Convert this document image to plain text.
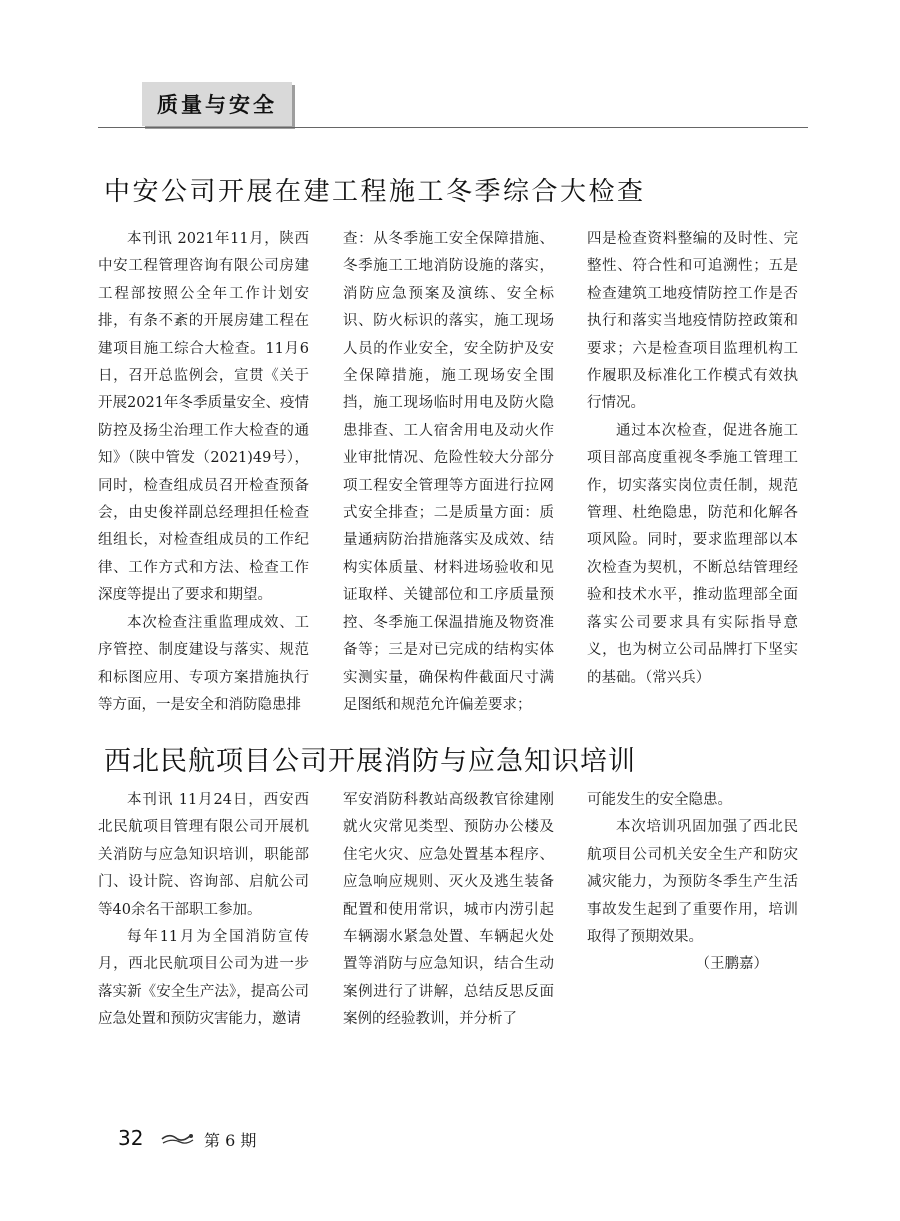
质量与安全
中安公司开展在建工程施工冬季综合大检查

本刊讯 2021年11月，陕西中安工程管理咨询有限公司房建工程部按照公全年工作计划安排，有条不紊的开展房建工程在建项目施工综合大检查。11月6日，召开总监例会，宣贯《关于开展2021年冬季质量安全、疫情防控及扬尘治理工作大检查的通知》（陕中管发（2021)49号），同时，检查组成员召开检查预备会，由史俊祥副总经理担任检查组组长，对检查组成员的工作纪律、工作方式和方法、检查工作深度等提出了要求和期望。

本次检查注重监理成效、工序管控、制度建设与落实、规范和标图应用、专项方案措施执行等方面，一是安全和消防隐患排

查：从冬季施工安全保障措施、冬季施工工地消防设施的落实，消防应急预案及演练、安全标识、防火标识的落实，施工现场人员的作业安全，安全防护及安全保障措施，施工现场安全围挡，施工现场临时用电及防火隐患排查、工人宿舍用电及动火作业审批情况、危险性较大分部分项工程安全管理等方面进行拉网式安全排查；二是质量方面：质量通病防治措施落实及成效、结构实体质量、材料进场验收和见证取样、关键部位和工序质量预控、冬季施工保温措施及物资准备等；三是对已完成的结构实体实测实量，确保构件截面尺寸满足图纸和规范允许偏差要求；

四是检查资料整编的及时性、完整性、符合性和可追溯性；五是检查建筑工地疫情防控工作是否执行和落实当地疫情防控政策和要求；六是检查项目监理机构工作履职及标准化工作模式有效执行情况。

通过本次检查，促进各施工项目部高度重视冬季施工管理工作，切实落实岗位责任制，规范管理、杜绝隐患，防范和化解各项风险。同时，要求监理部以本次检查为契机，不断总结管理经验和技术水平，推动监理部全面落实公司要求具有实际指导意义，也为树立公司品牌打下坚实的基础。（常兴兵）

西北民航项目公司开展消防与应急知识培训

本刊讯 11月24日，西安西北民航项目管理有限公司开展机关消防与应急知识培训，职能部门、设计院、咨询部、启航公司等40余名干部职工参加。

每年11月为全国消防宣传月，西北民航项目公司为进一步落实新《安全生产法》，提高公司应急处置和预防灾害能力，邀请

军安消防科教站高级教官徐建刚就火灾常见类型、预防办公楼及住宅火灾、应急处置基本程序、应急响应规则、灭火及逃生装备配置和使用常识，城市内涝引起车辆溺水紧急处置、车辆起火处置等消防与应急知识，结合生动案例进行了讲解，总结反思反面案例的经验教训，并分析了

可能发生的安全隐患。

本次培训巩固加强了西北民航项目公司机关安全生产和防灾减灾能力，为预防冬季生产生活事故发生起到了重要作用，培训取得了预期效果。

（王鹏嘉）

32	第 6 期
